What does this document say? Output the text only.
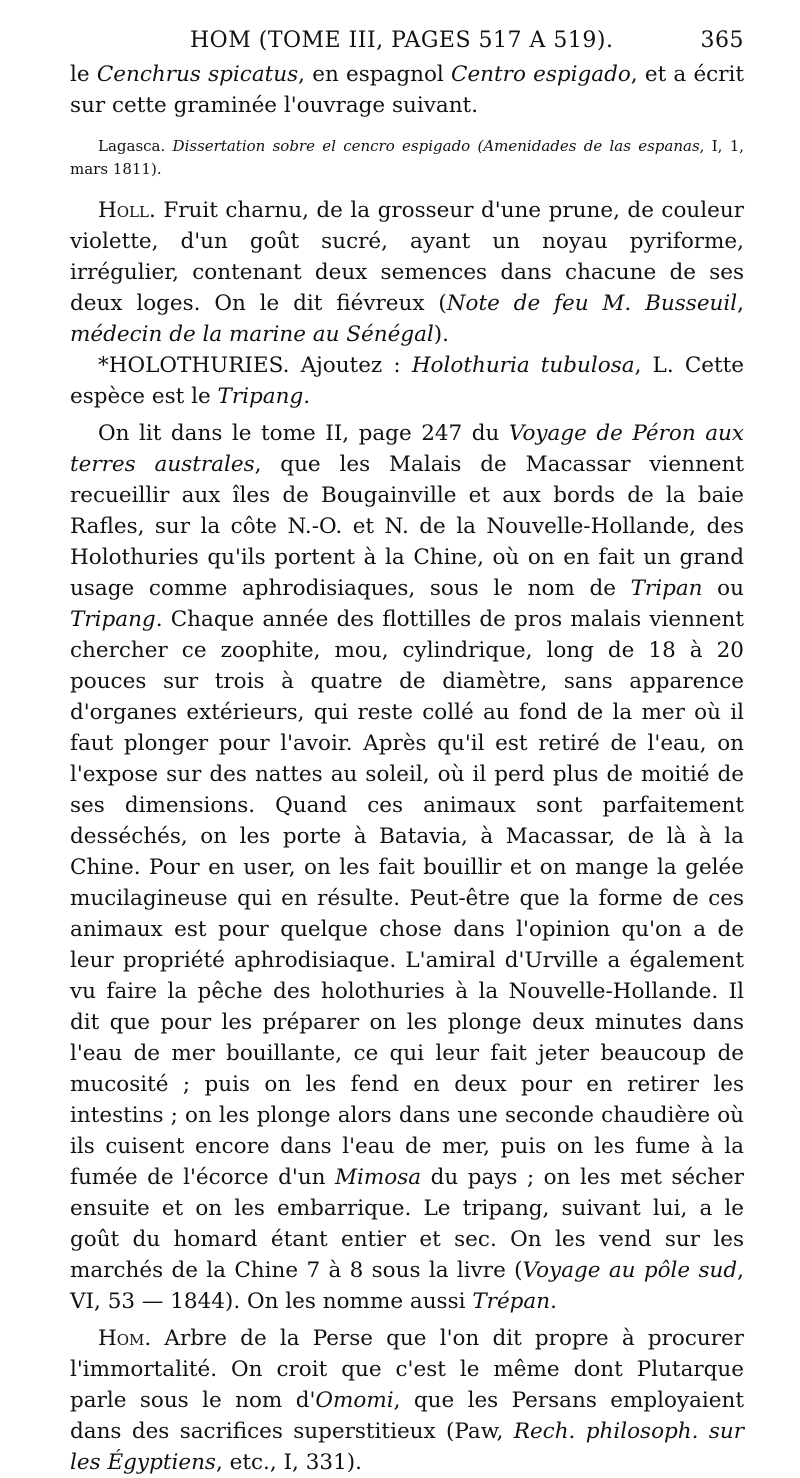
HOM (TOME III, PAGES 517 A 519).	365

le Cenchrus spicatus, en espagnol Centro espigado, et a écrit sur cette graminée l'ouvrage suivant.

Lagasca. Dissertation sobre el cencro espigado (Amenidades de las espanas, I, 1, mars 1811).

Holl. Fruit charnu, de la grosseur d'une prune, de couleur violette, d'un goût sucré, ayant un noyau pyriforme, irrégulier, contenant deux semences dans chacune de ses deux loges. On le dit fiévreux (Note de feu M. Busseuil, médecin de la marine au Sénégal).

*HOLOTHURIES. Ajoutez : Holothuria tubulosa, L. Cette espèce est le Tripang.

On lit dans le tome II, page 247 du Voyage de Péron aux terres australes, que les Malais de Macassar viennent recueillir aux îles de Bougainville et aux bords de la baie Rafles, sur la côte N.-O. et N. de la Nouvelle-Hollande, des Holothuries qu'ils portent à la Chine, où on en fait un grand usage comme aphrodisiaques, sous le nom de Tripan ou Tripang. Chaque année des flottilles de pros malais viennent chercher ce zoophite, mou, cylindrique, long de 18 à 20 pouces sur trois à quatre de diamètre, sans apparence d'organes extérieurs, qui reste collé au fond de la mer où il faut plonger pour l'avoir. Après qu'il est retiré de l'eau, on l'expose sur des nattes au soleil, où il perd plus de moitié de ses dimensions. Quand ces animaux sont parfaitement desséchés, on les porte à Batavia, à Macassar, de là à la Chine. Pour en user, on les fait bouillir et on mange la gelée mucilagineuse qui en résulte. Peut-être que la forme de ces animaux est pour quelque chose dans l'opinion qu'on a de leur propriété aphrodisiaque. L'amiral d'Urville a également vu faire la pêche des holothuries à la Nouvelle-Hollande. Il dit que pour les préparer on les plonge deux minutes dans l'eau de mer bouillante, ce qui leur fait jeter beaucoup de mucosité ; puis on les fend en deux pour en retirer les intestins ; on les plonge alors dans une seconde chaudière où ils cuisent encore dans l'eau de mer, puis on les fume à la fumée de l'écorce d'un Mimosa du pays ; on les met sécher ensuite et on les embarrique. Le tripang, suivant lui, a le goût du homard étant entier et sec. On les vend sur les marchés de la Chine 7 à 8 sous la livre (Voyage au pôle sud, VI, 53 — 1844). On les nomme aussi Trépan.

Hom. Arbre de la Perse que l'on dit propre à procurer l'immortalité. On croit que c'est le même dont Plutarque parle sous le nom d'Omomi, que les Persans employaient dans des sacrifices superstitieux (Paw, Rech. philosoph. sur les Égyptiens, etc., I, 331).
